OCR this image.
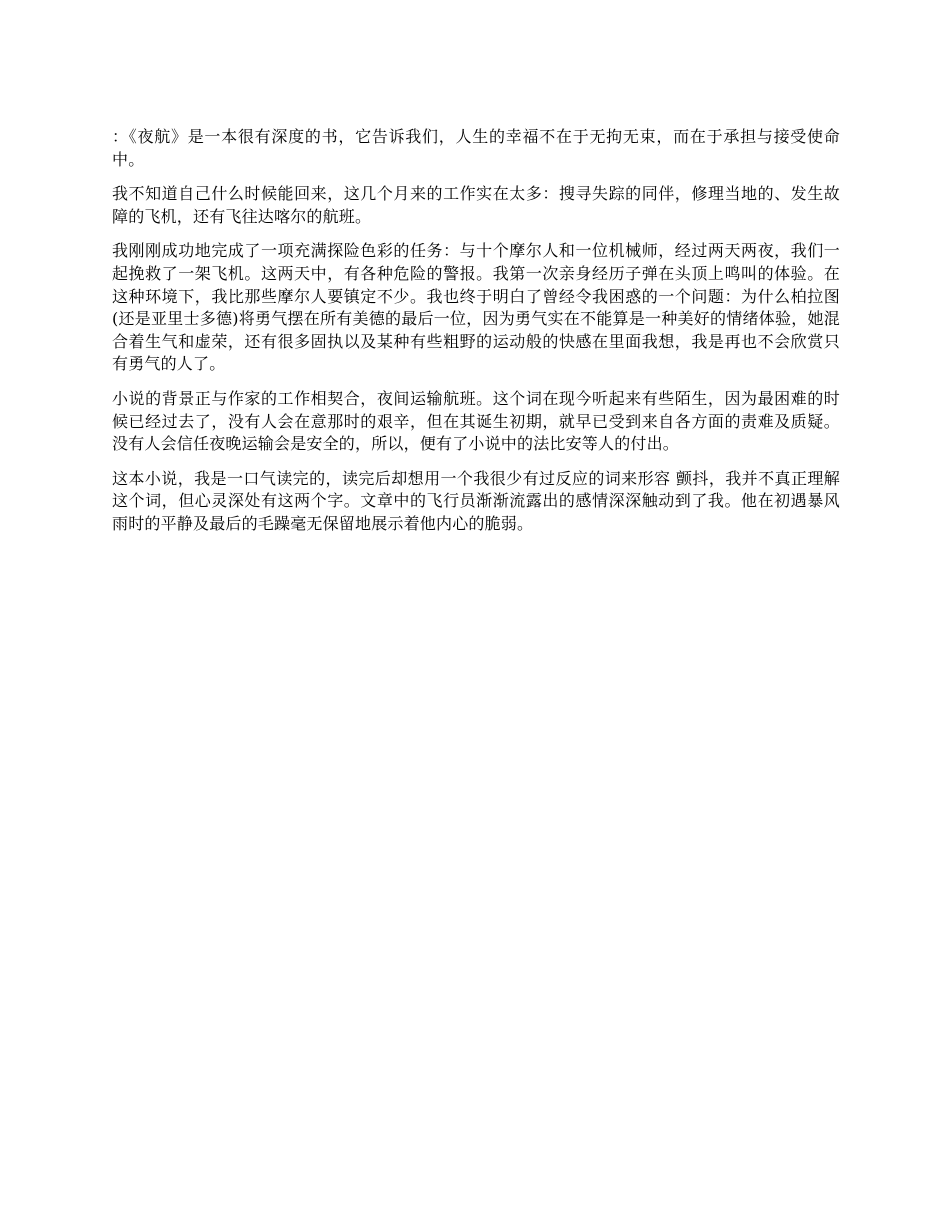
：《夜航》是一本很有深度的书，它告诉我们，人生的幸福不在于无拘无束，而在于承担与接受使命中。

我不知道自己什么时候能回来，这几个月来的工作实在太多：搜寻失踪的同伴，修理当地的、发生故障的飞机，还有飞往达喀尔的航班。

我刚刚成功地完成了一项充满探险色彩的任务：与十个摩尔人和一位机械师，经过两天两夜，我们一起挽救了一架飞机。这两天中，有各种危险的警报。我第一次亲身经历子弹在头顶上鸣叫的体验。在这种环境下，我比那些摩尔人要镇定不少。我也终于明白了曾经令我困惑的一个问题：为什么柏拉图(还是亚里士多德)将勇气摆在所有美德的最后一位，因为勇气实在不能算是一种美好的情绪体验，她混合着生气和虚荣，还有很多固执以及某种有些粗野的运动般的快感在里面我想，我是再也不会欣赏只有勇气的人了。

小说的背景正与作家的工作相契合，夜间运输航班。这个词在现今听起来有些陌生，因为最困难的时候已经过去了，没有人会在意那时的艰辛，但在其诞生初期，就早已受到来自各方面的责难及质疑。没有人会信任夜晚运输会是安全的，所以，便有了小说中的法比安等人的付出。

这本小说，我是一口气读完的，读完后却想用一个我很少有过反应的词来形容 颤抖，我并不真正理解这个词，但心灵深处有这两个字。文章中的飞行员渐渐流露出的感情深深触动到了我。他在初遇暴风雨时的平静及最后的毛躁毫无保留地展示着他内心的脆弱。
